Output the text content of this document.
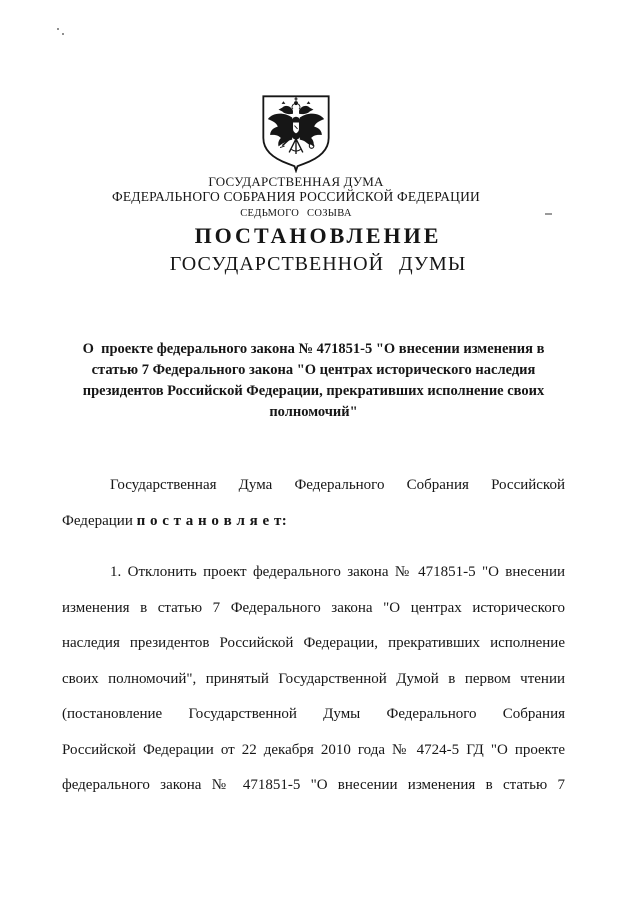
ГОСУДАРСТВЕННАЯ ДУМА
ФЕДЕРАЛЬНОГО СОБРАНИЯ РОССИЙСКОЙ ФЕДЕРАЦИИ
СЕДЬМОГО СОЗЫВА
ПОСТАНОВЛЕНИЕ
ГОСУДАРСТВЕННОЙ ДУМЫ
О  проекте федерального закона № 471851-5 "О внесении изменения в
статью 7 Федерального закона "О центрах исторического наследия
президентов Российской Федерации, прекративших исполнение своих
полномочий"
Государственная Дума Федерального Собрания Российской
Федерации п о с т а н о в л я е т:
1. Отклонить проект федерального закона № 471851-5 "О внесении
изменения в статью 7 Федерального закона "О центрах исторического
наследия президентов Российской Федерации, прекративших исполнение
своих полномочий", принятый Государственной Думой в первом чтении
(постановление Государственной Думы Федерального Собрания
Российской Федерации от 22 декабря 2010 года № 4724-5 ГД "О проекте
федерального закона № 471851-5 "О внесении изменения в статью 7
